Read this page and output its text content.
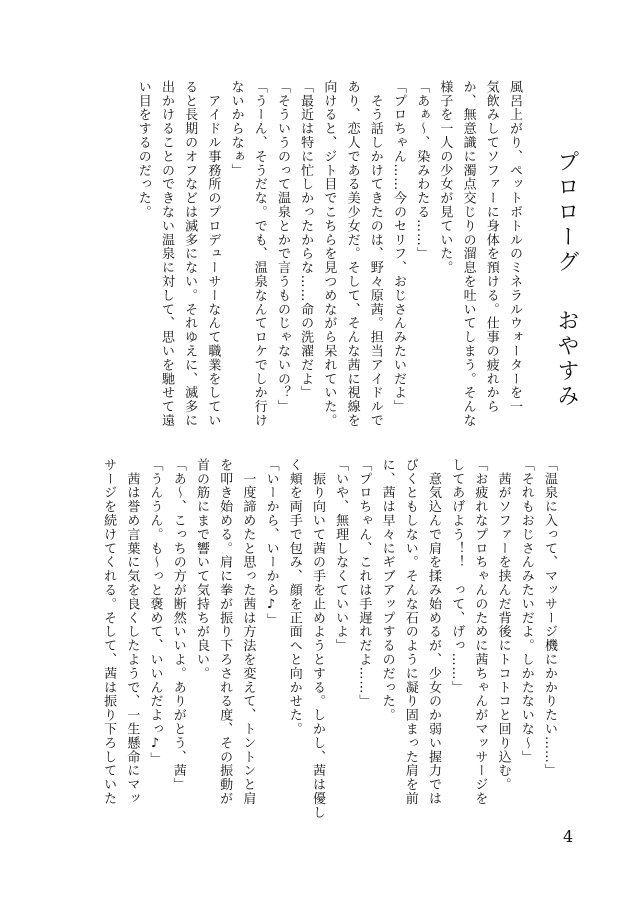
プロローグおやすみ

風呂上がり、ペットボトルのミネラルウォーターを一

気飲みしてソファーに身体を預ける。仕事の疲れから

か、無意識に濁点交じりの溜息を吐いてしまう。そんな

様子を一人の少女が見ていた。

「あぁ〜、染みわたる……」

「プロちゃん……今のセリフ、おじさんみたいだよ」

　そう話しかけてきたのは、野々原茜。担当アイドルで

あり、恋人である美少女だ。そして、そんな茜に視線を

向けると、ジト目でこちらを見つめながら呆れていた。

「最近は特に忙しかったからな……命の洗濯だよ」

「そういうのって温泉とかで言うものじゃないの？」

「うーん、そうだな。でも、温泉なんてロケでしか行け

ないからなぁ」

　アイドル事務所のプロデューサーなんて職業をしてい

ると長期のオフなどは滅多にない。それゆえに、滅多に

出かけることのできない温泉に対して、思いを馳せて遠

い目をするのだった。

「温泉に入って、マッサージ機にかかりたい……」

「それもおじさんみたいだよ。しかたないな〜」

　茜がソファーを挟んだ背後にトコトコと回り込む。

「お疲れなプロちゃんのために茜ちゃんがマッサージを

してあげよう！！　って、げっ……」

　意気込んで肩を揉み始めるが、少女のか弱い握力では

びくともしない。そんな石のように凝り固まった肩を前

に、茜は早々にギブアップするのだった。

「プロちゃん、これは手遅れだよ……」

「いや、無理しなくていいよ」

　振り向いて茜の手を止めようとする。しかし、茜は優し

く頬を両手で包み、顔を正面へと向かせた。

「いーから、いーから♪」

　一度諦めたと思った茜は方法を変えて、トントンと肩

を叩き始める。肩に拳が振り下ろされる度、その振動が

首の筋にまで響いて気持ちが良い。

「あ〜、こっちの方が断然いいよ。ありがとう、茜」

「うんうん。も〜っと褒めて、いいんだよっ♪」

　茜は誉め言葉に気を良くしたようで、一生懸命にマッ

サージを続けてくれる。そして、茜は振り下ろしていた

4
